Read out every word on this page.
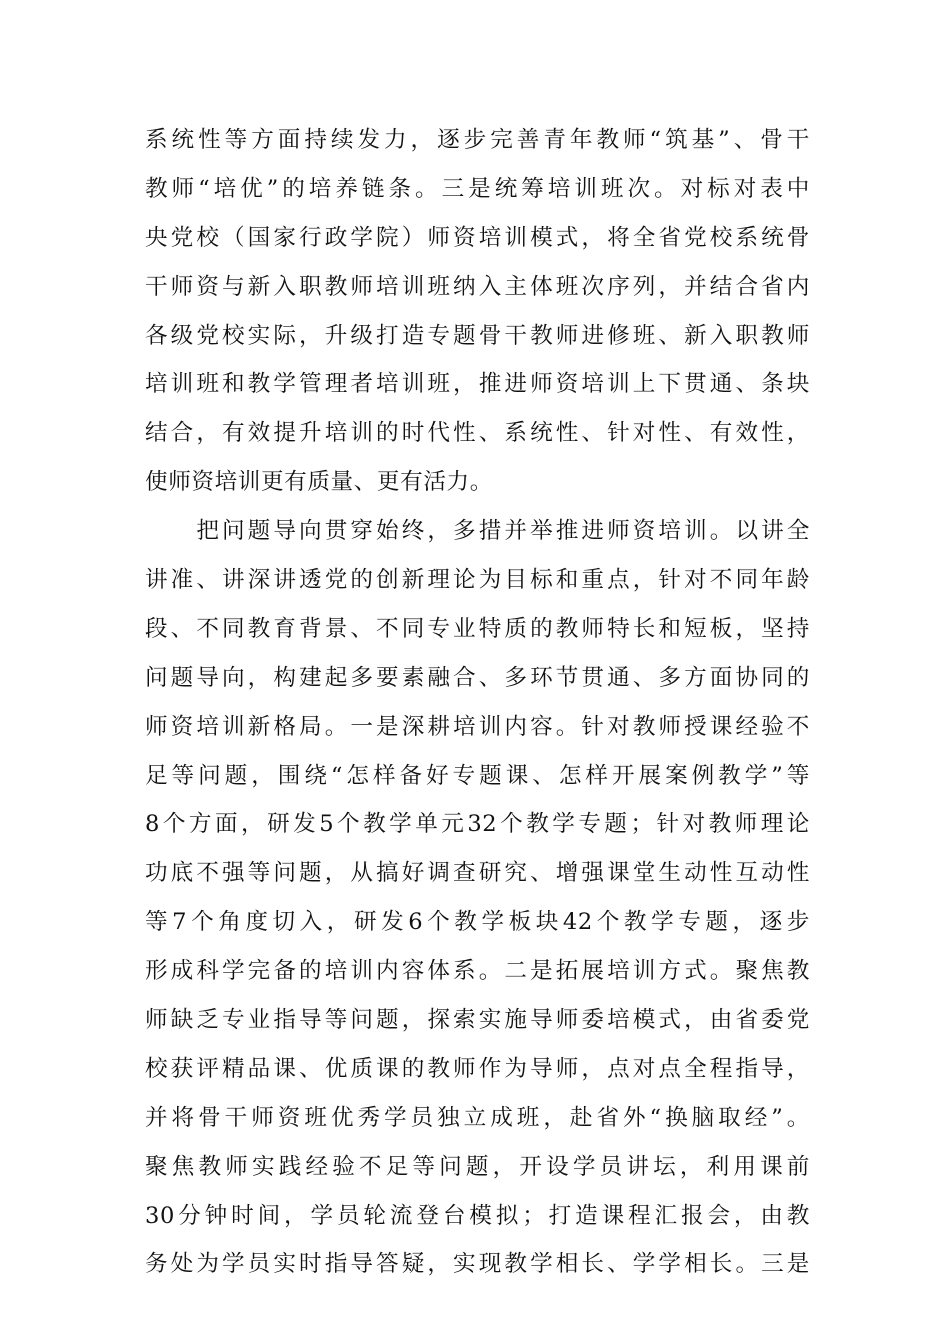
系统性等方面持续发力，逐步完善青年教师“筑基”、骨干
教师“培优”的培养链条。三是统筹培训班次。对标对表中
央党校（国家行政学院）师资培训模式，将全省党校系统骨
干师资与新入职教师培训班纳入主体班次序列，并结合省内
各级党校实际，升级打造专题骨干教师进修班、新入职教师
培训班和教学管理者培训班，推进师资培训上下贯通、条块
结合，有效提升培训的时代性、系统性、针对性、有效性，
使师资培训更有质量、更有活力。
　　把问题导向贯穿始终，多措并举推进师资培训。以讲全
讲准、讲深讲透党的创新理论为目标和重点，针对不同年龄
段、不同教育背景、不同专业特质的教师特长和短板，坚持
问题导向，构建起多要素融合、多环节贯通、多方面协同的
师资培训新格局。一是深耕培训内容。针对教师授课经验不
足等问题，围绕“怎样备好专题课、怎样开展案例教学”等
8个方面，研发5个教学单元32个教学专题；针对教师理论
功底不强等问题，从搞好调查研究、增强课堂生动性互动性
等7个角度切入，研发6个教学板块42个教学专题，逐步
形成科学完备的培训内容体系。二是拓展培训方式。聚焦教
师缺乏专业指导等问题，探索实施导师委培模式，由省委党
校获评精品课、优质课的教师作为导师，点对点全程指导，
并将骨干师资班优秀学员独立成班，赴省外“换脑取经”。
聚焦教师实践经验不足等问题，开设学员讲坛，利用课前
30分钟时间，学员轮流登台模拟；打造课程汇报会，由教
务处为学员实时指导答疑，实现教学相长、学学相长。三是
